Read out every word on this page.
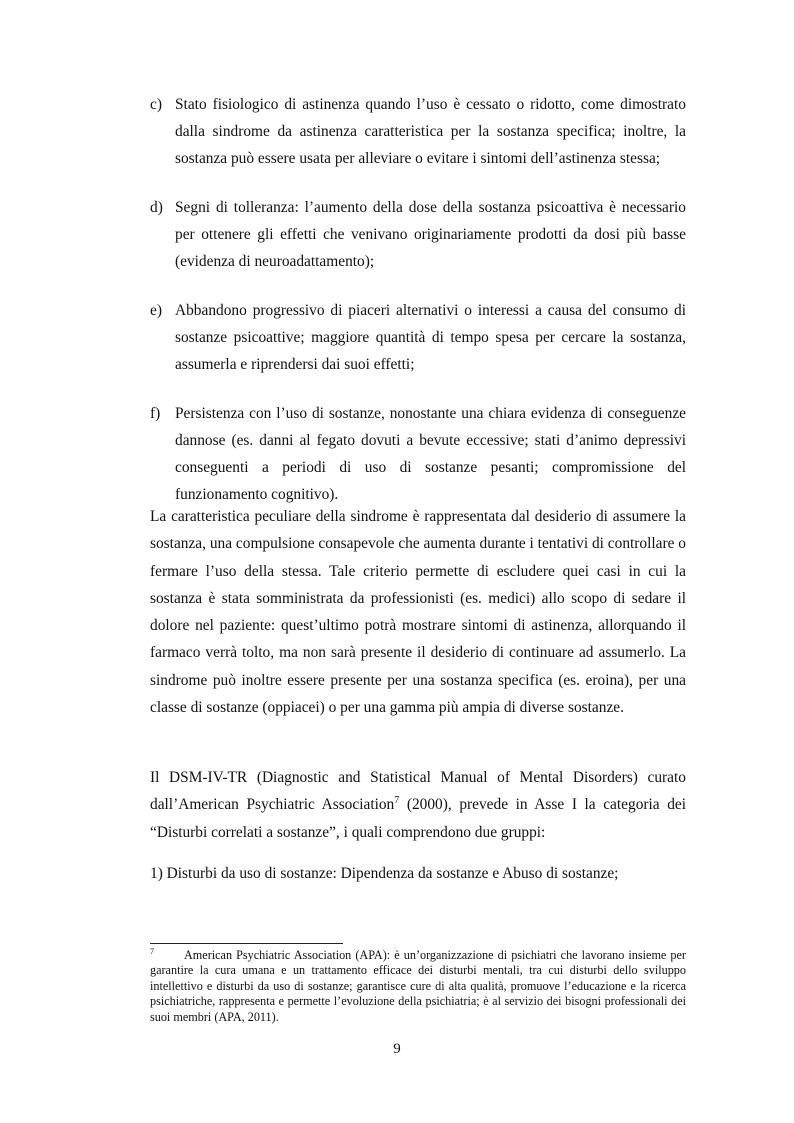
c) Stato fisiologico di astinenza quando l’uso è cessato o ridotto, come dimostrato dalla sindrome da astinenza caratteristica per la sostanza specifica; inoltre, la sostanza può essere usata per alleviare o evitare i sintomi dell’astinenza stessa;
d) Segni di tolleranza: l’aumento della dose della sostanza psicoattiva è necessario per ottenere gli effetti che venivano originariamente prodotti da dosi più basse (evidenza di neuroadattamento);
e) Abbandono progressivo di piaceri alternativi o interessi a causa del consumo di sostanze psicoattive; maggiore quantità di tempo spesa per cercare la sostanza, assumerla e riprendersi dai suoi effetti;
f) Persistenza con l’uso di sostanze, nonostante una chiara evidenza di conseguenze dannose (es. danni al fegato dovuti a bevute eccessive; stati d’animo depressivi conseguenti a periodi di uso di sostanze pesanti; compromissione del funzionamento cognitivo).

La caratteristica peculiare della sindrome è rappresentata dal desiderio di assumere la sostanza, una compulsione consapevole che aumenta durante i tentativi di controllare o fermare l’uso della stessa. Tale criterio permette di escludere quei casi in cui la sostanza è stata somministrata da professionisti (es. medici) allo scopo di sedare il dolore nel paziente: quest’ultimo potrà mostrare sintomi di astinenza, allorquando il farmaco verrà tolto, ma non sarà presente il desiderio di continuare ad assumerlo. La sindrome può inoltre essere presente per una sostanza specifica (es. eroina), per una classe di sostanze (oppiacei) o per una gamma più ampia di diverse sostanze.

Il DSM-IV-TR (Diagnostic and Statistical Manual of Mental Disorders) curato dall’American Psychiatric Association$^7$ (2000), prevede in Asse I la categoria dei “Disturbi correlati a sostanze”, i quali comprendono due gruppi:

1) Disturbi da uso di sostanze: Dipendenza da sostanze e Abuso di sostanze;

$^7$ American Psychiatric Association (APA): è un’organizzazione di psichiatri che lavorano insieme per garantire la cura umana e un trattamento efficace dei disturbi mentali, tra cui disturbi dello sviluppo intellettivo e disturbi da uso di sostanze; garantisce cure di alta qualità, promuove l’educazione e la ricerca psichiatriche, rappresenta e permette l’evoluzione della psichiatria; è al servizio dei bisogni professionali dei suoi membri (APA, 2011).

9
